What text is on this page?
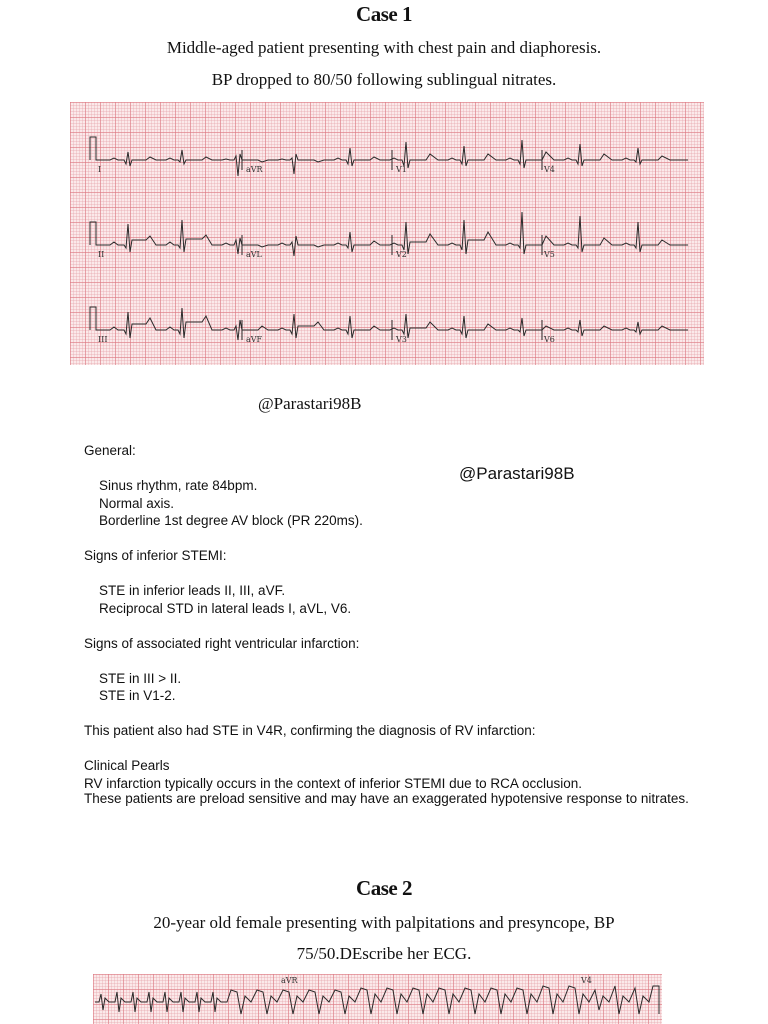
Case 1
Middle-aged patient presenting with chest pain and diaphoresis.
BP dropped to 80/50 following sublingual nitrates.
I	aVR	V1	V4
II	aVL	V2	V5
III	aVF	V3	V6
@Parastari98B
@Parastari98B

General:

Sinus rhythm, rate 84bpm.

Normal axis.

Borderline 1st degree AV block (PR 220ms).

Signs of inferior STEMI:

STE in inferior leads II, III, aVF.

Reciprocal STD in lateral leads I, aVL, V6.

Signs of associated right ventricular infarction:

STE in III > II.

STE in V1-2.

This patient also had STE in V4R, confirming the diagnosis of RV infarction:

Clinical Pearls

RV infarction typically occurs in the context of inferior STEMI due to RCA occlusion.

These patients are preload sensitive and may have an exaggerated hypotensive response to nitrates.

Case 2
20-year old female presenting with palpitations and presyncope, BP
75/50.DEscribe her ECG.
aVR	V4
